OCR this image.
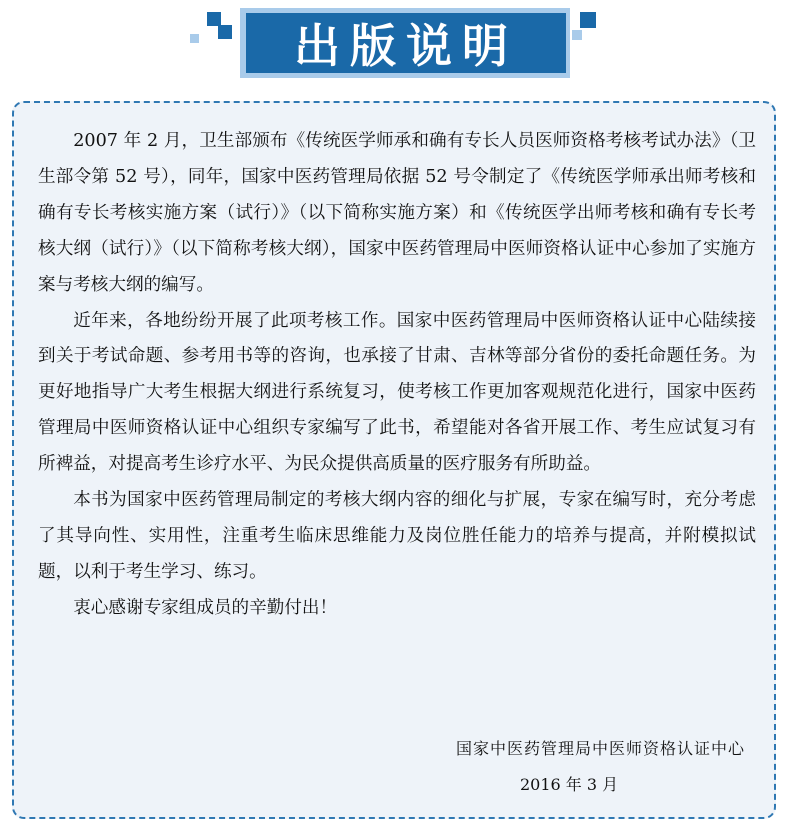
出版说明

2007 年 2 月，卫生部颁布《传统医学师承和确有专长人员医师资格考核考试办法》（卫生部令第 52 号），同年，国家中医药管理局依据 52 号令制定了《传统医学师承出师考核和确有专长考核实施方案（试行）》（以下简称实施方案）和《传统医学出师考核和确有专长考核大纲（试行）》（以下简称考核大纲），国家中医药管理局中医师资格认证中心参加了实施方案与考核大纲的编写。

近年来，各地纷纷开展了此项考核工作。国家中医药管理局中医师资格认证中心陆续接到关于考试命题、参考用书等的咨询，也承接了甘肃、吉林等部分省份的委托命题任务。为更好地指导广大考生根据大纲进行系统复习，使考核工作更加客观规范化进行，国家中医药管理局中医师资格认证中心组织专家编写了此书，希望能对各省开展工作、考生应试复习有所裨益，对提高考生诊疗水平、为民众提供高质量的医疗服务有所助益。

本书为国家中医药管理局制定的考核大纲内容的细化与扩展，专家在编写时，充分考虑了其导向性、实用性，注重考生临床思维能力及岗位胜任能力的培养与提高，并附模拟试题，以利于考生学习、练习。

衷心感谢专家组成员的辛勤付出！

国家中医药管理局中医师资格认证中心
2016 年 3 月
